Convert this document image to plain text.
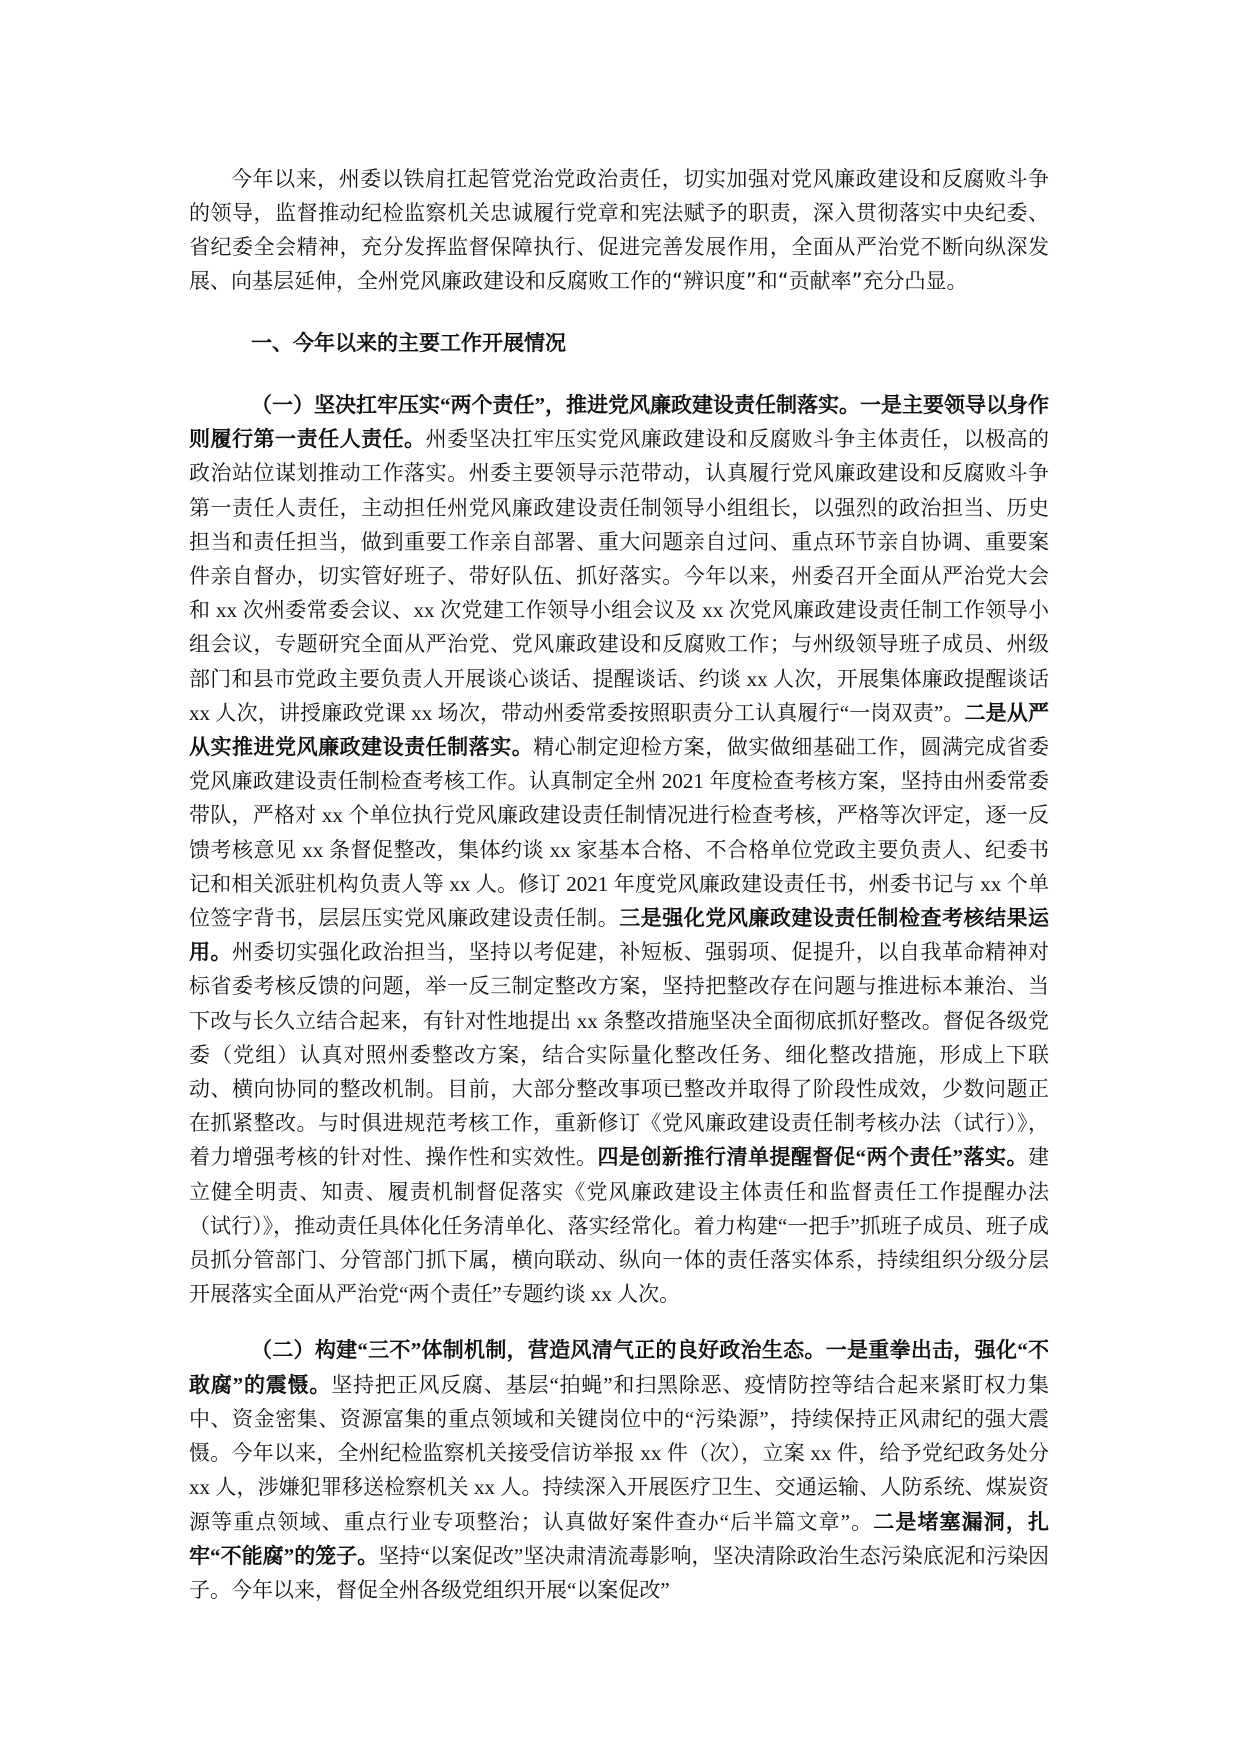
今年以来，州委以铁肩扛起管党治党政治责任，切实加强对党风廉政建设和反腐败斗争的领导，监督推动纪检监察机关忠诚履行党章和宪法赋予的职责，深入贯彻落实中央纪委、省纪委全会精神，充分发挥监督保障执行、促进完善发展作用，全面从严治党不断向纵深发展、向基层延伸，全州党风廉政建设和反腐败工作的“辨识度”和“贡献率”充分凸显。

一、今年以来的主要工作开展情况

（一）坚决扛牢压实“两个责任”，推进党风廉政建设责任制落实。一是主要领导以身作则履行第一责任人责任。州委坚决扛牢压实党风廉政建设和反腐败斗争主体责任，以极高的政治站位谋划推动工作落实。州委主要领导示范带动，认真履行党风廉政建设和反腐败斗争第一责任人责任，主动担任州党风廉政建设责任制领导小组组长，以强烈的政治担当、历史担当和责任担当，做到重要工作亲自部署、重大问题亲自过问、重点环节亲自协调、重要案件亲自督办，切实管好班子、带好队伍、抓好落实。今年以来，州委召开全面从严治党大会和 xx 次州委常委会议、xx 次党建工作领导小组会议及 xx 次党风廉政建设责任制工作领导小组会议，专题研究全面从严治党、党风廉政建设和反腐败工作；与州级领导班子成员、州级部门和县市党政主要负责人开展谈心谈话、提醒谈话、约谈 xx 人次，开展集体廉政提醒谈话 xx 人次，讲授廉政党课 xx 场次，带动州委常委按照职责分工认真履行“一岗双责”。二是从严从实推进党风廉政建设责任制落实。精心制定迎检方案，做实做细基础工作，圆满完成省委党风廉政建设责任制检查考核工作。认真制定全州 2021 年度检查考核方案，坚持由州委常委带队，严格对 xx 个单位执行党风廉政建设责任制情况进行检查考核，严格等次评定，逐一反馈考核意见 xx 条督促整改，集体约谈 xx 家基本合格、不合格单位党政主要负责人、纪委书记和相关派驻机构负责人等 xx 人。修订 2021 年度党风廉政建设责任书，州委书记与 xx 个单位签字背书，层层压实党风廉政建设责任制。三是强化党风廉政建设责任制检查考核结果运用。州委切实强化政治担当，坚持以考促建，补短板、强弱项、促提升，以自我革命精神对标省委考核反馈的问题，举一反三制定整改方案，坚持把整改存在问题与推进标本兼治、当下改与长久立结合起来，有针对性地提出 xx 条整改措施坚决全面彻底抓好整改。督促各级党委（党组）认真对照州委整改方案，结合实际量化整改任务、细化整改措施，形成上下联动、横向协同的整改机制。目前，大部分整改事项已整改并取得了阶段性成效，少数问题正在抓紧整改。与时俱进规范考核工作，重新修订《党风廉政建设责任制考核办法（试行）》，着力增强考核的针对性、操作性和实效性。四是创新推行清单提醒督促“两个责任”落实。建立健全明责、知责、履责机制督促落实《党风廉政建设主体责任和监督责任工作提醒办法（试行）》，推动责任具体化任务清单化、落实经常化。着力构建“一把手”抓班子成员、班子成员抓分管部门、分管部门抓下属，横向联动、纵向一体的责任落实体系，持续组织分级分层开展落实全面从严治党“两个责任”专题约谈 xx 人次。

（二）构建“三不”体制机制，营造风清气正的良好政治生态。一是重拳出击，强化“不敢腐”的震慑。坚持把正风反腐、基层“拍蝇”和扫黑除恶、疫情防控等结合起来紧盯权力集中、资金密集、资源富集的重点领域和关键岗位中的“污染源”，持续保持正风肃纪的强大震慑。今年以来，全州纪检监察机关接受信访举报 xx 件（次），立案 xx 件，给予党纪政务处分 xx 人，涉嫌犯罪移送检察机关 xx 人。持续深入开展医疗卫生、交通运输、人防系统、煤炭资源等重点领域、重点行业专项整治；认真做好案件查办“后半篇文章”。二是堵塞漏洞，扎牢“不能腐”的笼子。坚持“以案促改”坚决肃清流毒影响，坚决清除政治生态污染底泥和污染因子。今年以来，督促全州各级党组织开展“以案促改”
